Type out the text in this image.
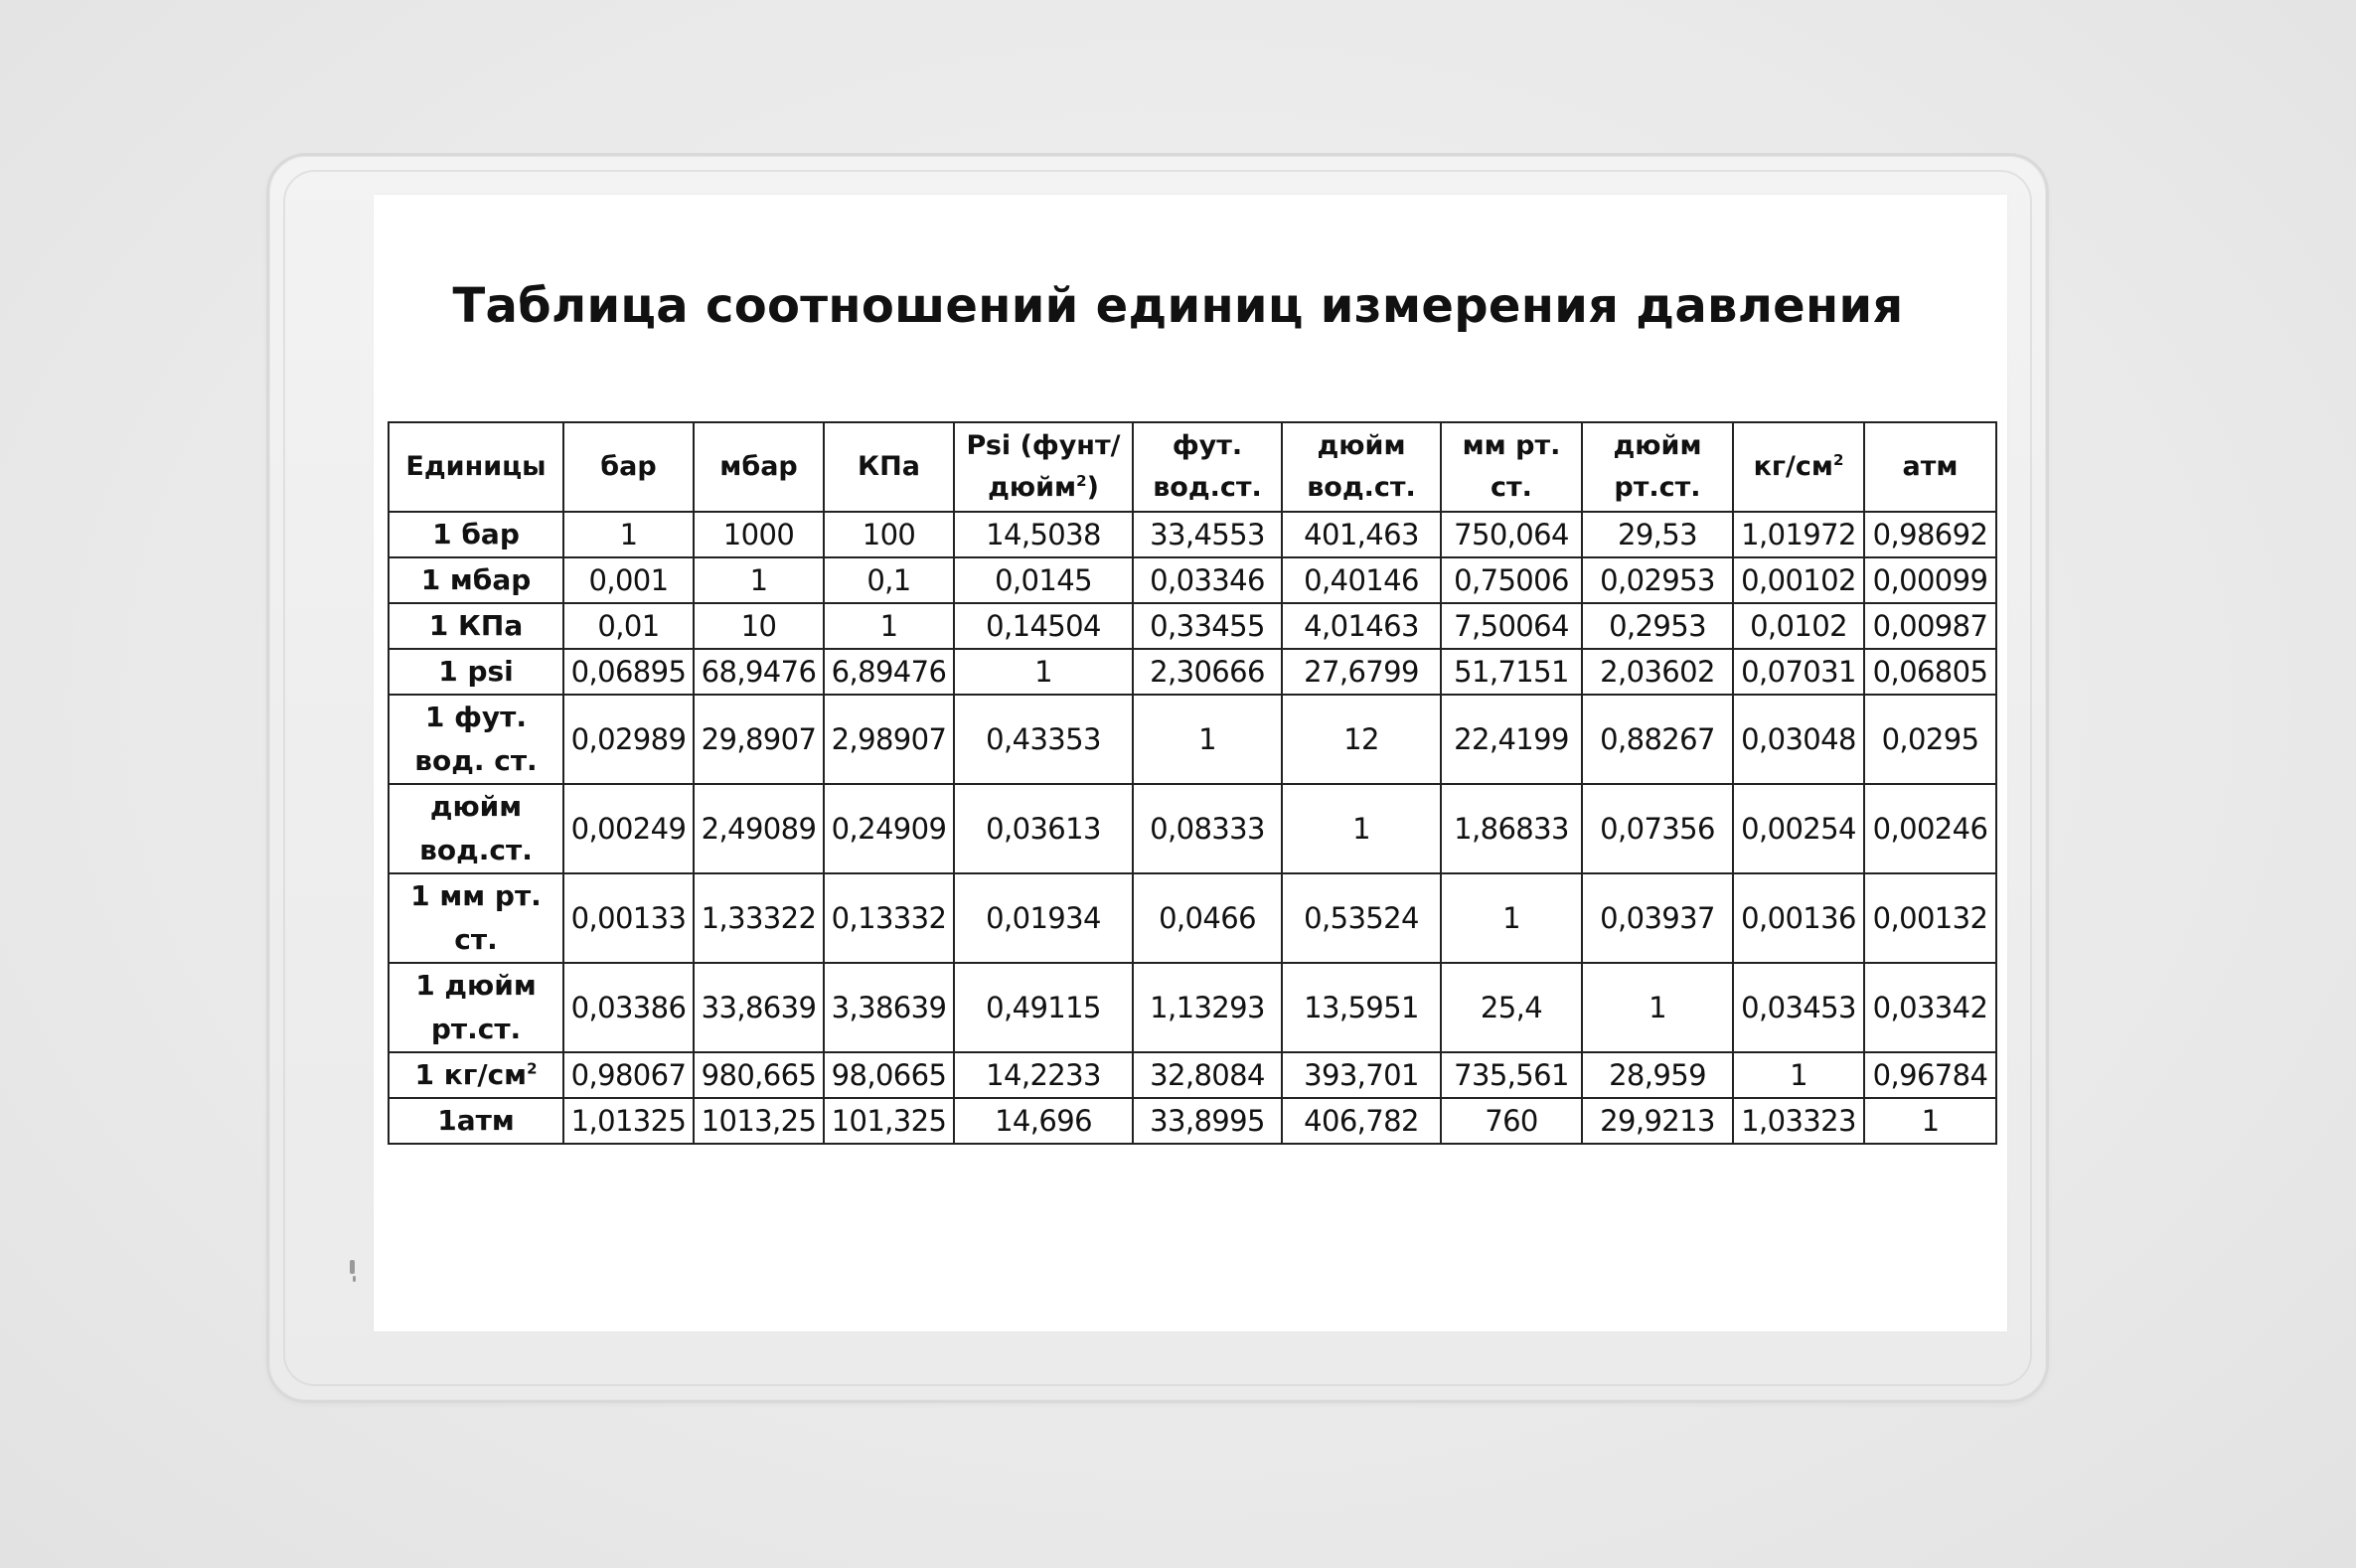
Таблица соотношений единиц измерения давления
Единицы	бар	мбар	КПа	Psi (фунт/ дюйм$^2$)	фут. вод.ст.	дюйм вод.ст.	мм рт. ст.	дюйм рт.ст.	$кг/см^2$	атм
1 бар	1	1000	100	14,5038	33,4553	401,463	750,064	29,53	1,01972	0,98692
1 мбар	0,001	1	0,1	0,0145	0,03346	0,40146	0,75006	0,02953	0,00102	0,00099
1 КПа	0,01	10	1	0,14504	0,33455	4,01463	7,50064	0,2953	0,0102	0,00987
1 psi	0,06895	68,9476	6,89476	1	2,30666	27,6799	51,7151	2,03602	0,07031	0,06805
1 фут. вод. ст.	0,02989	29,8907	2,98907	0,43353	1	12	22,4199	0,88267	0,03048	0,0295
дюйм вод.ст.	0,00249	2,49089	0,24909	0,03613	0,08333	1	1,86833	0,07356	0,00254	0,00246
1 мм рт. ст.	0,00133	1,33322	0,13332	0,01934	0,0466	0,53524	1	0,03937	0,00136	0,00132
1 дюйм рт.ст.	0,03386	33,8639	3,38639	0,49115	1,13293	13,5951	25,4	1	0,03453	0,03342
1 $кг/см^2$	0,98067	980,665	98,0665	14,2233	32,8084	393,701	735,561	28,959	1	0,96784
1атм	1,01325	1013,25	101,325	14,696	33,8995	406,782	760	29,9213	1,03323	1
